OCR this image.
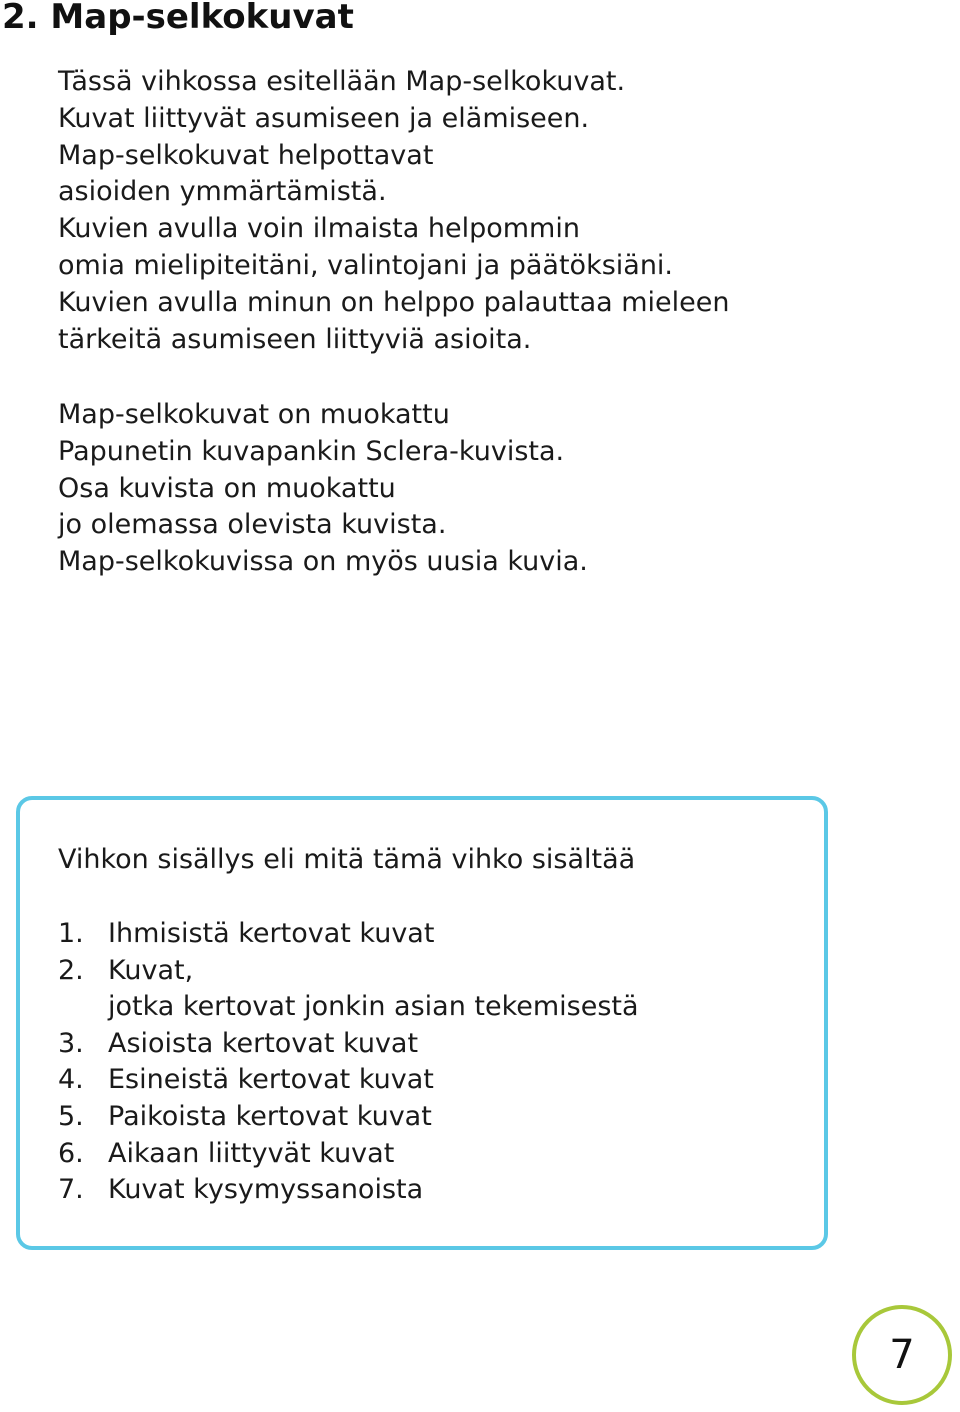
2. Map-selkokuvat
Tässä vihkossa esitellään Map-selkokuvat.
Kuvat liittyvät asumiseen ja elämiseen.
Map-selkokuvat helpottavat
asioiden ymmärtämistä.
Kuvien avulla voin ilmaista helpommin
omia mielipiteitäni, valintojani ja päätöksiäni.
Kuvien avulla minun on helppo palauttaa mieleen
tärkeitä asumiseen liittyviä asioita.
Map-selkokuvat on muokattu
Papunetin kuvapankin Sclera-kuvista.
Osa kuvista on muokattu
jo olemassa olevista kuvista.
Map-selkokuvissa on myös uusia kuvia.

Vihkon sisällys eli mitä tämä vihko sisältää

1. Ihmisistä kertovat kuvat
2. Kuvat,
jotka kertovat jonkin asian tekemisestä
3. Asioista kertovat kuvat
4. Esineistä kertovat kuvat
5. Paikoista kertovat kuvat
6. Aikaan liittyvät kuvat
7. Kuvat kysymyssanoista
7
